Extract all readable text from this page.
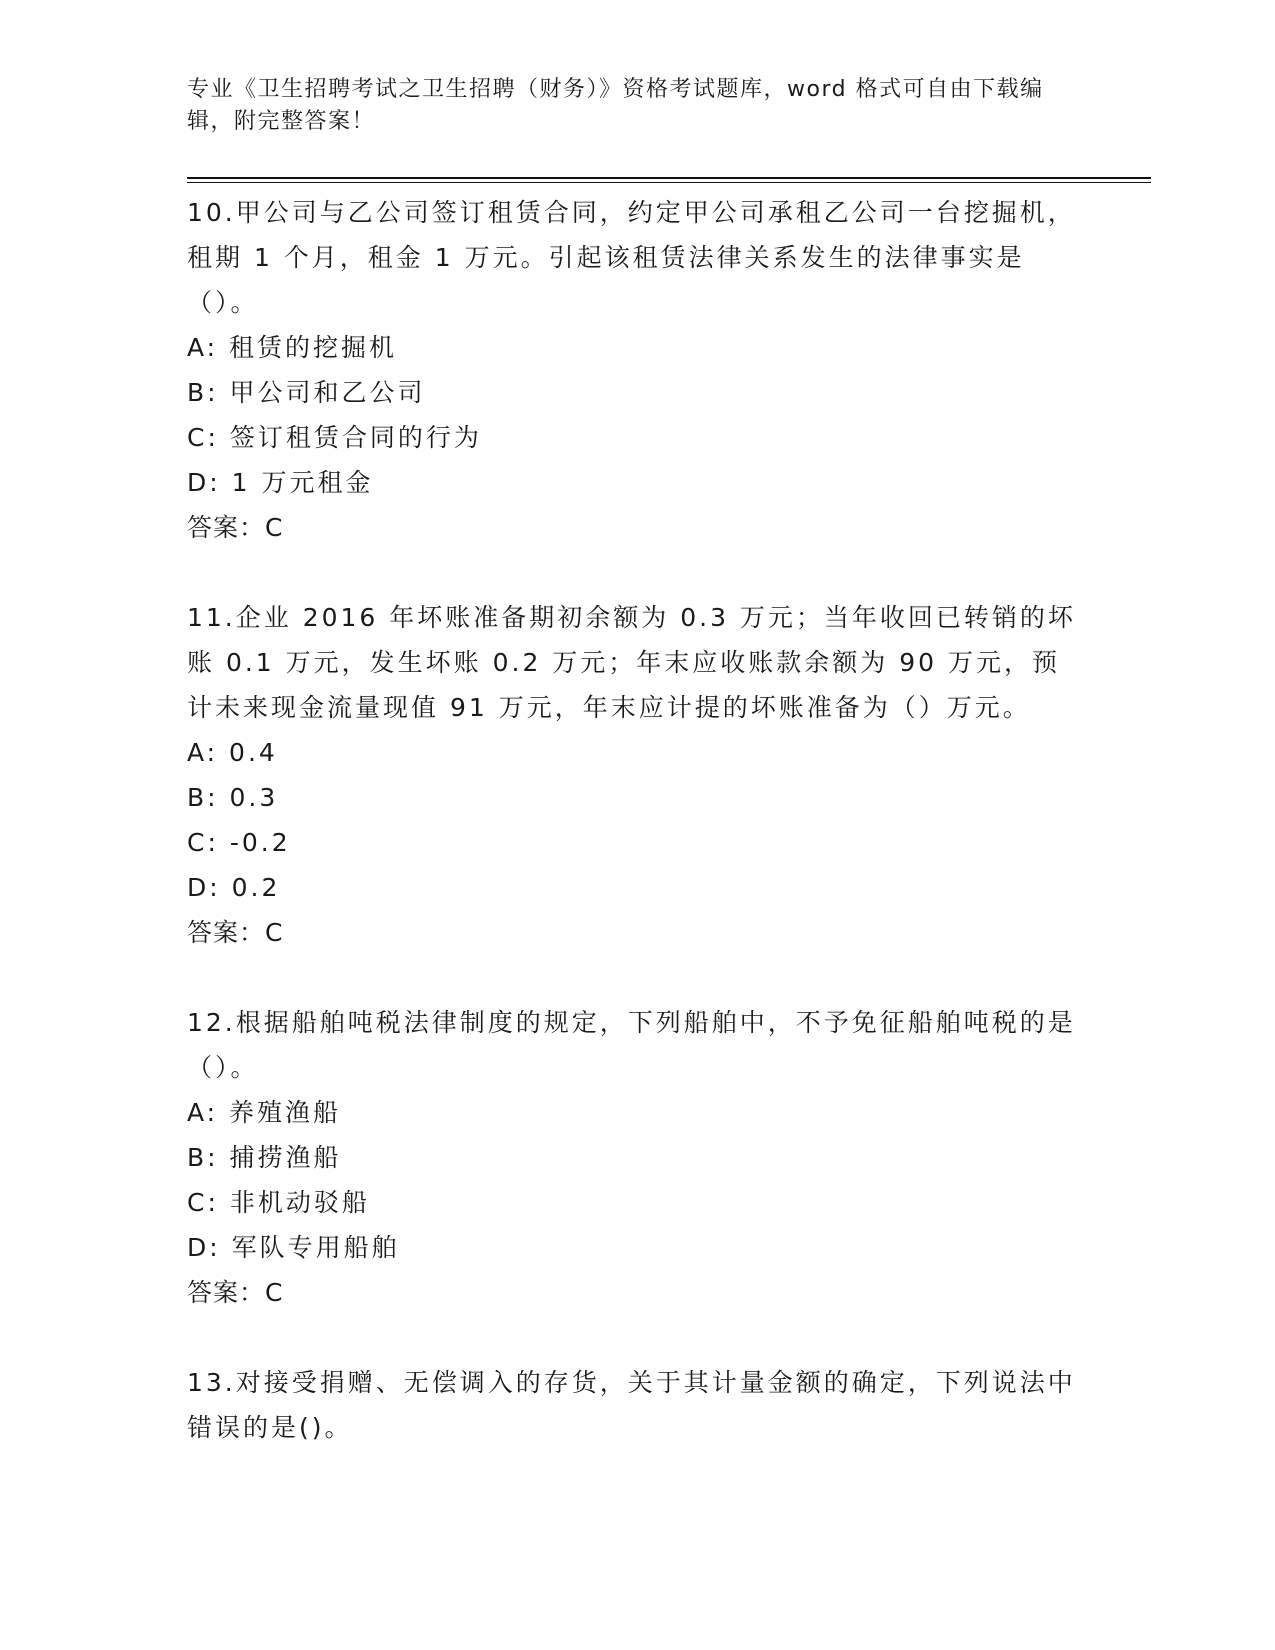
专业《卫生招聘考试之卫生招聘（财务）》资格考试题库，word 格式可自由下载编辑，附完整答案！
10.甲公司与乙公司签订租赁合同，约定甲公司承租乙公司一台挖掘机，租期 1 个月，租金 1 万元。引起该租赁法律关系发生的法律事实是（）。
A: 租赁的挖掘机
B: 甲公司和乙公司
C: 签订租赁合同的行为
D: 1 万元租金
答案：C
11.企业 2016 年坏账准备期初余额为 0.3 万元；当年收回已转销的坏账 0.1 万元，发生坏账 0.2 万元；年末应收账款余额为 90 万元，预计未来现金流量现值 91 万元，年末应计提的坏账准备为（）万元。
A: 0.4
B: 0.3
C: -0.2
D: 0.2
答案：C
12.根据船舶吨税法律制度的规定，下列船舶中，不予免征船舶吨税的是（）。
A: 养殖渔船
B: 捕捞渔船
C: 非机动驳船
D: 军队专用船舶
答案：C
13.对接受捐赠、无偿调入的存货，关于其计量金额的确定，下列说法中错误的是()。
